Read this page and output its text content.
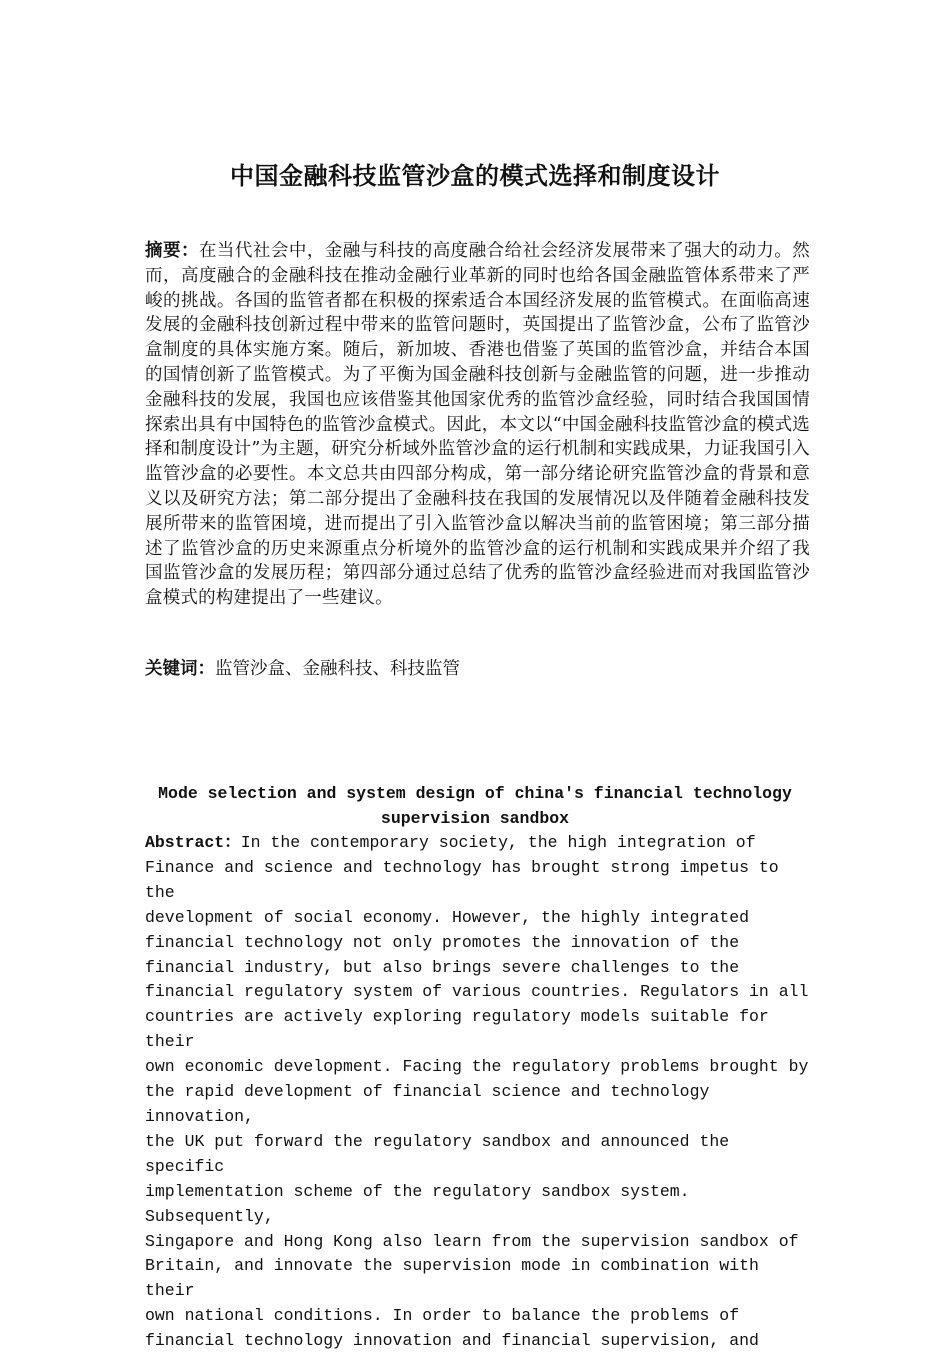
中国金融科技监管沙盒的模式选择和制度设计

摘要：在当代社会中，金融与科技的高度融合给社会经济发展带来了强大的动力。然而，高度融合的金融科技在推动金融行业革新的同时也给各国金融监管体系带来了严峻的挑战。各国的监管者都在积极的探索适合本国经济发展的监管模式。在面临高速发展的金融科技创新过程中带来的监管问题时，英国提出了监管沙盒，公布了监管沙盒制度的具体实施方案。随后，新加坡、香港也借鉴了英国的监管沙盒，并结合本国的国情创新了监管模式。为了平衡为国金融科技创新与金融监管的问题，进一步推动金融科技的发展，我国也应该借鉴其他国家优秀的监管沙盒经验，同时结合我国国情探索出具有中国特色的监管沙盒模式。因此，本文以“中国金融科技监管沙盒的模式选择和制度设计”为主题，研究分析域外监管沙盒的运行机制和实践成果，力证我国引入监管沙盒的必要性。本文总共由四部分构成，第一部分绪论研究监管沙盒的背景和意义以及研究方法；第二部分提出了金融科技在我国的发展情况以及伴随着金融科技发展所带来的监管困境，进而提出了引入监管沙盒以解决当前的监管困境；第三部分描述了监管沙盒的历史来源重点分析境外的监管沙盒的运行机制和实践成果并介绍了我国监管沙盒的发展历程；第四部分通过总结了优秀的监管沙盒经验进而对我国监管沙盒模式的构建提出了一些建议。

关键词：监管沙盒、金融科技、科技监管

Mode selection and system design of china's financial technology supervision sandbox

Abstract：In the contemporary society, the high integration of
Finance and science and technology has brought strong impetus to the
development of social economy. However, the highly integrated
financial technology not only promotes the innovation of the
financial industry, but also brings severe challenges to the
financial regulatory system of various countries. Regulators in all
countries are actively exploring regulatory models suitable for their
own economic development. Facing the regulatory problems brought by
the rapid development of financial science and technology innovation,
the UK put forward the regulatory sandbox and announced the specific
implementation scheme of the regulatory sandbox system. Subsequently,
Singapore and Hong Kong also learn from the supervision sandbox of
Britain, and innovate the supervision mode in combination with their
own national conditions. In order to balance the problems of
financial technology innovation and financial supervision, and
